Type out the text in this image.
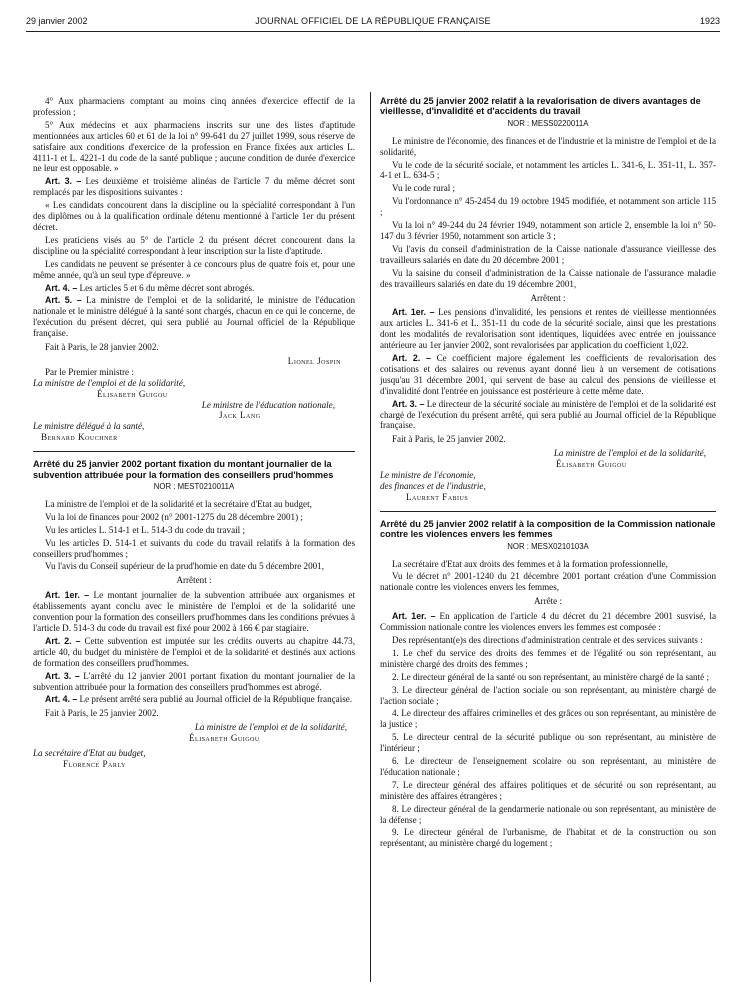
29 janvier 2002	JOURNAL OFFICIEL DE LA RÉPUBLIQUE FRANÇAISE	1923

4° Aux pharmaciens comptant au moins cinq années d'exercice effectif de la profession ;

5° Aux médecins et aux pharmaciens inscrits sur une des listes d'aptitude mentionnées aux articles 60 et 61 de la loi n° 99-641 du 27 juillet 1999, sous réserve de satisfaire aux conditions d'exercice de la profession en France fixées aux articles L. 4111-1 et L. 4221-1 du code de la santé publique ; aucune condition de durée d'exercice ne leur est opposable. »

Art. 3. – Les deuxième et troisième alinéas de l'article 7 du même décret sont remplacés par les dispositions suivantes :

« Les candidats concourent dans la discipline ou la spécialité correspondant à l'un des diplômes ou à la qualification ordinale détenu mentionné à l'article 1er du présent décret.

Les praticiens visés au 5° de l'article 2 du présent décret concourent dans la discipline ou la spécialité correspondant à leur inscription sur la liste d'aptitude.

Les candidats ne peuvent se présenter à ce concours plus de quatre fois et, pour une même année, qu'à un seul type d'épreuve. »

Art. 4. – Les articles 5 et 6 du même décret sont abrogés.

Art. 5. – La ministre de l'emploi et de la solidarité, le ministre de l'éducation nationale et le ministre délégué à la santé sont chargés, chacun en ce qui le concerne, de l'exécution du présent décret, qui sera publié au Journal officiel de la République française.

Fait à Paris, le 28 janvier 2002.

Lionel Jospin

Par le Premier ministre :

La ministre de l'emploi et de la solidarité,

Élisabeth Guigou

Le ministre de l'éducation nationale,

Jack Lang

Le ministre délégué à la santé,

Bernard Kouchner

Arrêté du 25 janvier 2002 portant fixation du montant journalier de la subvention attribuée pour la formation des conseillers prud'hommes

NOR : MEST0210011A

La ministre de l'emploi et de la solidarité et la secrétaire d'Etat au budget,

Vu la loi de finances pour 2002 (n° 2001-1275 du 28 décembre 2001) ;

Vu les articles L. 514-1 et L. 514-3 du code du travail ;

Vu les articles D. 514-1 et suivants du code du travail relatifs à la formation des conseillers prud'hommes ;

Vu l'avis du Conseil supérieur de la prud'homie en date du 5 décembre 2001,

Arrêtent :

Art. 1er. – Le montant journalier de la subvention attribuée aux organismes et établissements ayant conclu avec le ministère de l'emploi et de la solidarité une convention pour la formation des conseillers prud'hommes dans les conditions prévues à l'article D. 514-3 du code du travail est fixé pour 2002 à 166 € par stagiaire.

Art. 2. – Cette subvention est imputée sur les crédits ouverts au chapitre 44.73, article 40, du budget du ministère de l'emploi et de la solidarité et destinés aux actions de formation des conseillers prud'hommes.

Art. 3. – L'arrêté du 12 janvier 2001 portant fixation du montant journalier de la subvention attribuée pour la formation des conseillers prud'hommes est abrogé.

Art. 4. – Le présent arrêté sera publié au Journal officiel de la République française.

Fait à Paris, le 25 janvier 2002.

La ministre de l'emploi et de la solidarité,

Élisabeth Guigou

La secrétaire d'Etat au budget,

Florence Parly

Arrêté du 25 janvier 2002 relatif à la revalorisation de divers avantages de vieillesse, d'invalidité et d'accidents du travail

NOR : MESS0220011A

Le ministre de l'économie, des finances et de l'industrie et la ministre de l'emploi et de la solidarité,

Vu le code de la sécurité sociale, et notamment les articles L. 341-6, L. 351-11, L. 357-4-1 et L. 634-5 ;

Vu le code rural ;

Vu l'ordonnance n° 45-2454 du 19 octobre 1945 modifiée, et notamment son article 115 ;

Vu la loi n° 49-244 du 24 février 1949, notamment son article 2, ensemble la loi n° 50-147 du 3 février 1950, notamment son article 3 ;

Vu l'avis du conseil d'administration de la Caisse nationale d'assurance vieillesse des travailleurs salariés en date du 20 décembre 2001 ;

Vu la saisine du conseil d'administration de la Caisse nationale de l'assurance maladie des travailleurs salariés en date du 19 décembre 2001,

Arrêtent :

Art. 1er. – Les pensions d'invalidité, les pensions et rentes de vieillesse mentionnées aux articles L. 341-6 et L. 351-11 du code de la sécurité sociale, ainsi que les prestations dont les modalités de revalorisation sont identiques, liquidées avec entrée en jouissance antérieure au 1er janvier 2002, sont revalorisées par application du coefficient 1,022.

Art. 2. – Ce coefficient majore également les coefficients de revalorisation des cotisations et des salaires ou revenus ayant donné lieu à un versement de cotisations jusqu'au 31 décembre 2001, qui servent de base au calcul des pensions de vieillesse et d'invalidité dont l'entrée en jouissance est postérieure à cette même date.

Art. 3. – Le directeur de la sécurité sociale au ministère de l'emploi et de la solidarité est chargé de l'exécution du présent arrêté, qui sera publié au Journal officiel de la République française.

Fait à Paris, le 25 janvier 2002.

La ministre de l'emploi et de la solidarité,

Élisabeth Guigou

Le ministre de l'économie,

des finances et de l'industrie,

Laurent Fabius

Arrêté du 25 janvier 2002 relatif à la composition de la Commission nationale contre les violences envers les femmes

NOR : MESX0210103A

La secrétaire d'Etat aux droits des femmes et à la formation professionnelle,

Vu le décret n° 2001-1240 du 21 décembre 2001 portant création d'une Commission nationale contre les violences envers les femmes,

Arrête :

Art. 1er. – En application de l'article 4 du décret du 21 décembre 2001 susvisé, la Commission nationale contre les violences envers les femmes est composée :

Des représentant(e)s des directions d'administration centrale et des services suivants :

1. Le chef du service des droits des femmes et de l'égalité ou son représentant, au ministère chargé des droits des femmes ;

2. Le directeur général de la santé ou son représentant, au ministère chargé de la santé ;

3. Le directeur général de l'action sociale ou son représentant, au ministère chargé de l'action sociale ;

4. Le directeur des affaires criminelles et des grâces ou son représentant, au ministère de la justice ;

5. Le directeur central de la sécurité publique ou son représentant, au ministère de l'intérieur ;

6. Le directeur de l'enseignement scolaire ou son représentant, au ministère de l'éducation nationale ;

7. Le directeur général des affaires politiques et de sécurité ou son représentant, au ministère des affaires étrangères ;

8. Le directeur général de la gendarmerie nationale ou son représentant, au ministère de la défense ;

9. Le directeur général de l'urbanisme, de l'habitat et de la construction ou son représentant, au ministère chargé du logement ;
